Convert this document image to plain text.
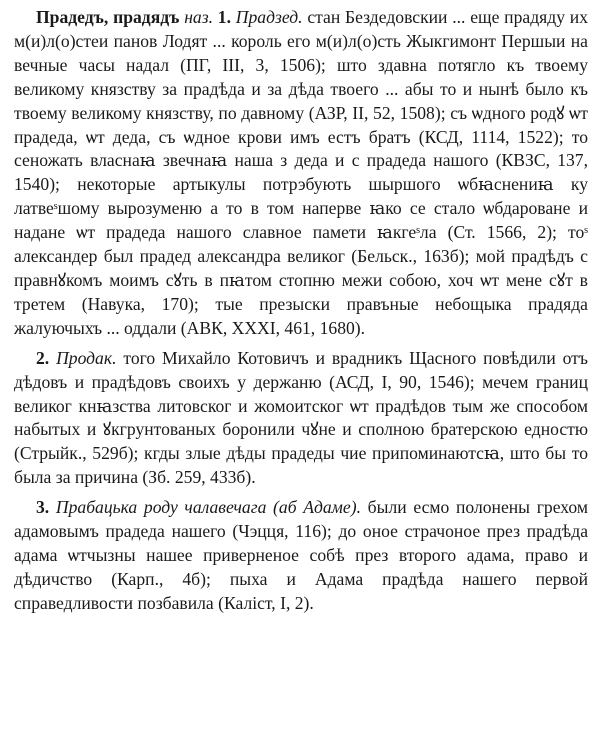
Прадедъ, прадядъ наз. 1. Прадзед. стан Бездедовскии ... еще прадяду их м(и)л(о)стеи панов Лодят ... король его м(и)л(о)сть Жыкгимонт Першыи на вечные часы надал (ПГ, III, 3, 1506); што здавна потягло къ твоему великому князству за прадѣда и за дѣда твоего ... абы то и нынѣ было къ твоему великому князству, по давному (АЗР, II, 52, 1508); съ ѡдного родꙋ ѡт прадеда, ѡт деда, съ ѡдное крови имъ естъ братъ (КСД, 1114, 1522); то сеножать власнаꙗ звечнаꙗ наша з деда и с прадеда нашого (КВЗС, 137, 1540); некоторые артыкулы потрэбують шыршого ѡбꙗснениꙗ ку латвеˢшому вырозуменю а то в том наперве ꙗко се стало ѡбдароване и надане ѡт прадеда нашого славное памети ꙗкгеˢла (Ст. 1566, 2); тоˢ александер был прадед александра великог (Бельск., 163б); мой прадѣдъ с правнꙋкомъ моимъ сꙋть в пꙗтом стопню межи собою, хоч ѡт мене сꙋт в третем (Навука, 170); тые презыски правъные небощыка прадяда жалуючыхъ ... оддали (АВК, XXXI, 461, 1680).

2. Продак. того Михайло Котовичъ и врадникъ Щасного повѣдили отъ дѣдовъ и прадѣдовъ своихъ у держаню (АСД, I, 90, 1546); мечем границ великог кнꙗзства литовског и жомоитског ѡт прадѣдов тым же способом набытых и ꙋкгрунтованых боронили чꙋне и сполною братерскою едностю (Стрыйк., 529б); кгды злые дѣды прадеды чие припоминаютсꙗ, што бы то была за причина (Зб. 259, 433б).

3. Прабацька роду чалавечага (аб Адаме). были есмо полонены грехом адамовымъ прадеда нашего (Чэцця, 116); до оное страчоное през прадѣда адама ѡтчызны нашее приверненое собѣ през второго адама, право и дѣдичство (Карп., 4б); пыха и Адама прадѣда нашего первой справедливости позбавила (Каліст, I, 2).
